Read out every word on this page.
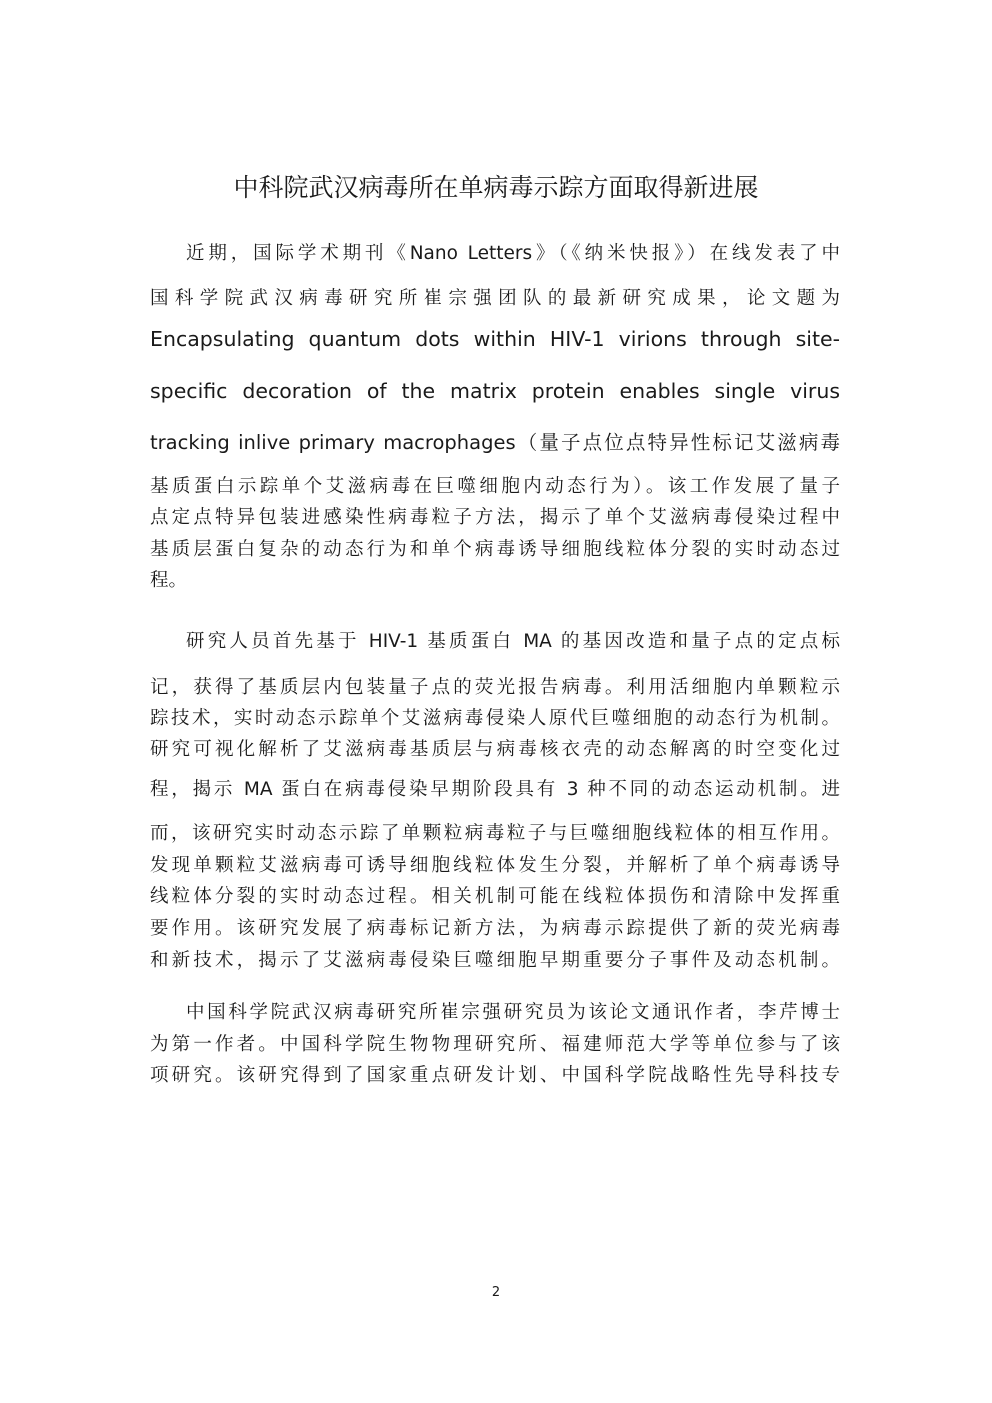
中科院武汉病毒所在单病毒示踪方面取得新进展
近期，国际学术期刊《Nano Letters》（《纳米快报》）在线发表了中
国科学院武汉病毒研究所崔宗强团队的最新研究成果，论文题为
Encapsulating quantum dots within HIV-1 virions through site-
specific decoration of the matrix protein enables single virus
tracking inlive primary macrophages（量子点位点特异性标记艾滋病毒
基质蛋白示踪单个艾滋病毒在巨噬细胞内动态行为）。该工作发展了量子
点定点特异包装进感染性病毒粒子方法，揭示了单个艾滋病毒侵染过程中
基质层蛋白复杂的动态行为和单个病毒诱导细胞线粒体分裂的实时动态过
程。
研究人员首先基于 HIV-1 基质蛋白 MA 的基因改造和量子点的定点标
记，获得了基质层内包装量子点的荧光报告病毒。利用活细胞内单颗粒示
踪技术，实时动态示踪单个艾滋病毒侵染人原代巨噬细胞的动态行为机制。
研究可视化解析了艾滋病毒基质层与病毒核衣壳的动态解离的时空变化过
程，揭示 MA 蛋白在病毒侵染早期阶段具有 3 种不同的动态运动机制。进
而，该研究实时动态示踪了单颗粒病毒粒子与巨噬细胞线粒体的相互作用。
发现单颗粒艾滋病毒可诱导细胞线粒体发生分裂，并解析了单个病毒诱导
线粒体分裂的实时动态过程。相关机制可能在线粒体损伤和清除中发挥重
要作用。该研究发展了病毒标记新方法，为病毒示踪提供了新的荧光病毒
和新技术，揭示了艾滋病毒侵染巨噬细胞早期重要分子事件及动态机制。
中国科学院武汉病毒研究所崔宗强研究员为该论文通讯作者，李芹博士
为第一作者。中国科学院生物物理研究所、福建师范大学等单位参与了该
项研究。该研究得到了国家重点研发计划、中国科学院战略性先导科技专
2
